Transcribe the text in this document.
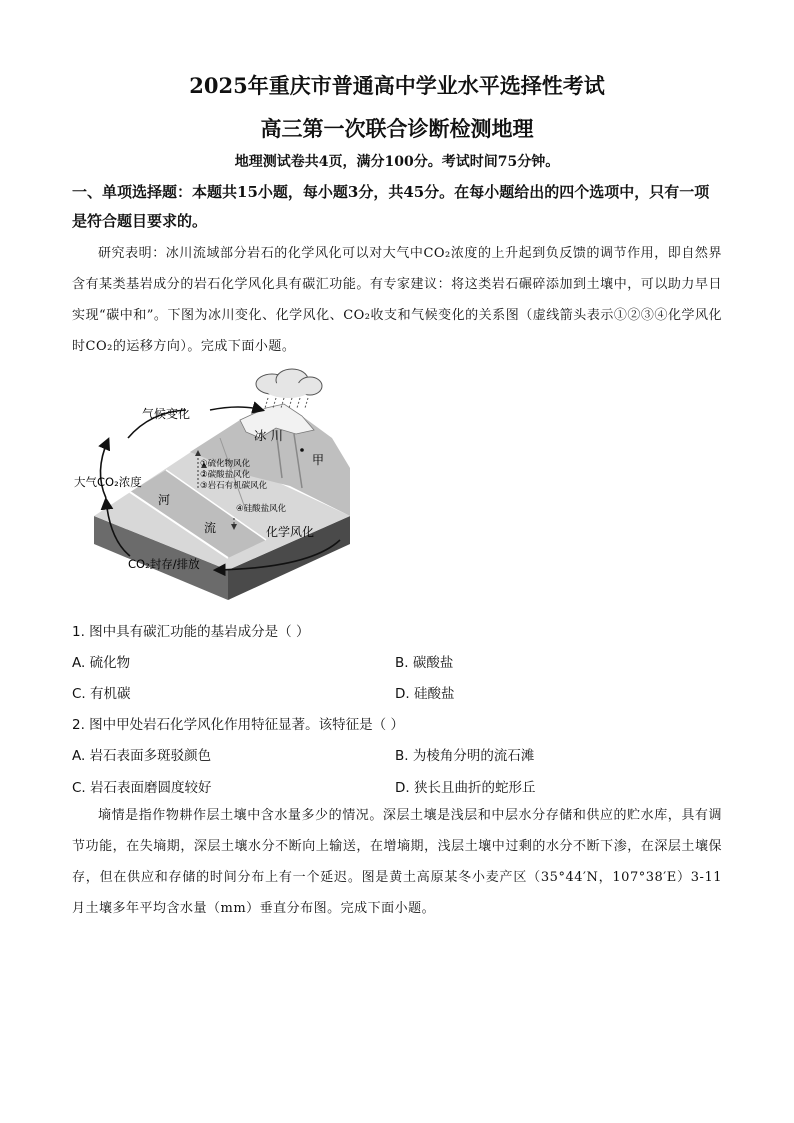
2025年重庆市普通高中学业水平选择性考试
高三第一次联合诊断检测地理
地理测试卷共4页，满分100分。考试时间75分钟。
一、单项选择题：本题共15小题，每小题3分，共45分。在每小题给出的四个选项中，只有一项是符合题目要求的。
研究表明：冰川流域部分岩石的化学风化可以对大气中CO₂浓度的上升起到负反馈的调节作用，即自然界含有某类基岩成分的岩石化学风化具有碳汇功能。有专家建议：将这类岩石碾碎添加到土壤中，可以助力早日实现“碳中和”。下图为冰川变化、化学风化、CO₂收支和气候变化的关系图（虚线箭头表示①②③④化学风化时CO₂的运移方向）。完成下面小题。
气候变化
大气CO₂浓度
CO₂封存/排放
化学风化
冰 川
甲
河
流
①硫化物风化
②碳酸盐风化
③岩石有机碳风化
④硅酸盐风化
1. 图中具有碳汇功能的基岩成分是（ ）
A. 硫化物	B. 碳酸盐
C. 有机碳	D. 硅酸盐
2. 图中甲处岩石化学风化作用特征显著。该特征是（ ）
A. 岩石表面多斑驳颜色	B. 为棱角分明的流石滩
C. 岩石表面磨圆度较好	D. 狭长且曲折的蛇形丘
墒情是指作物耕作层土壤中含水量多少的情况。深层土壤是浅层和中层水分存储和供应的贮水库，具有调节功能，在失墒期，深层土壤水分不断向上输送，在增墒期，浅层土壤中过剩的水分不断下渗，在深层土壤保存，但在供应和存储的时间分布上有一个延迟。图是黄土高原某冬小麦产区（35°44′N，107°38′E）3-11月土壤多年平均含水量（mm）垂直分布图。完成下面小题。
